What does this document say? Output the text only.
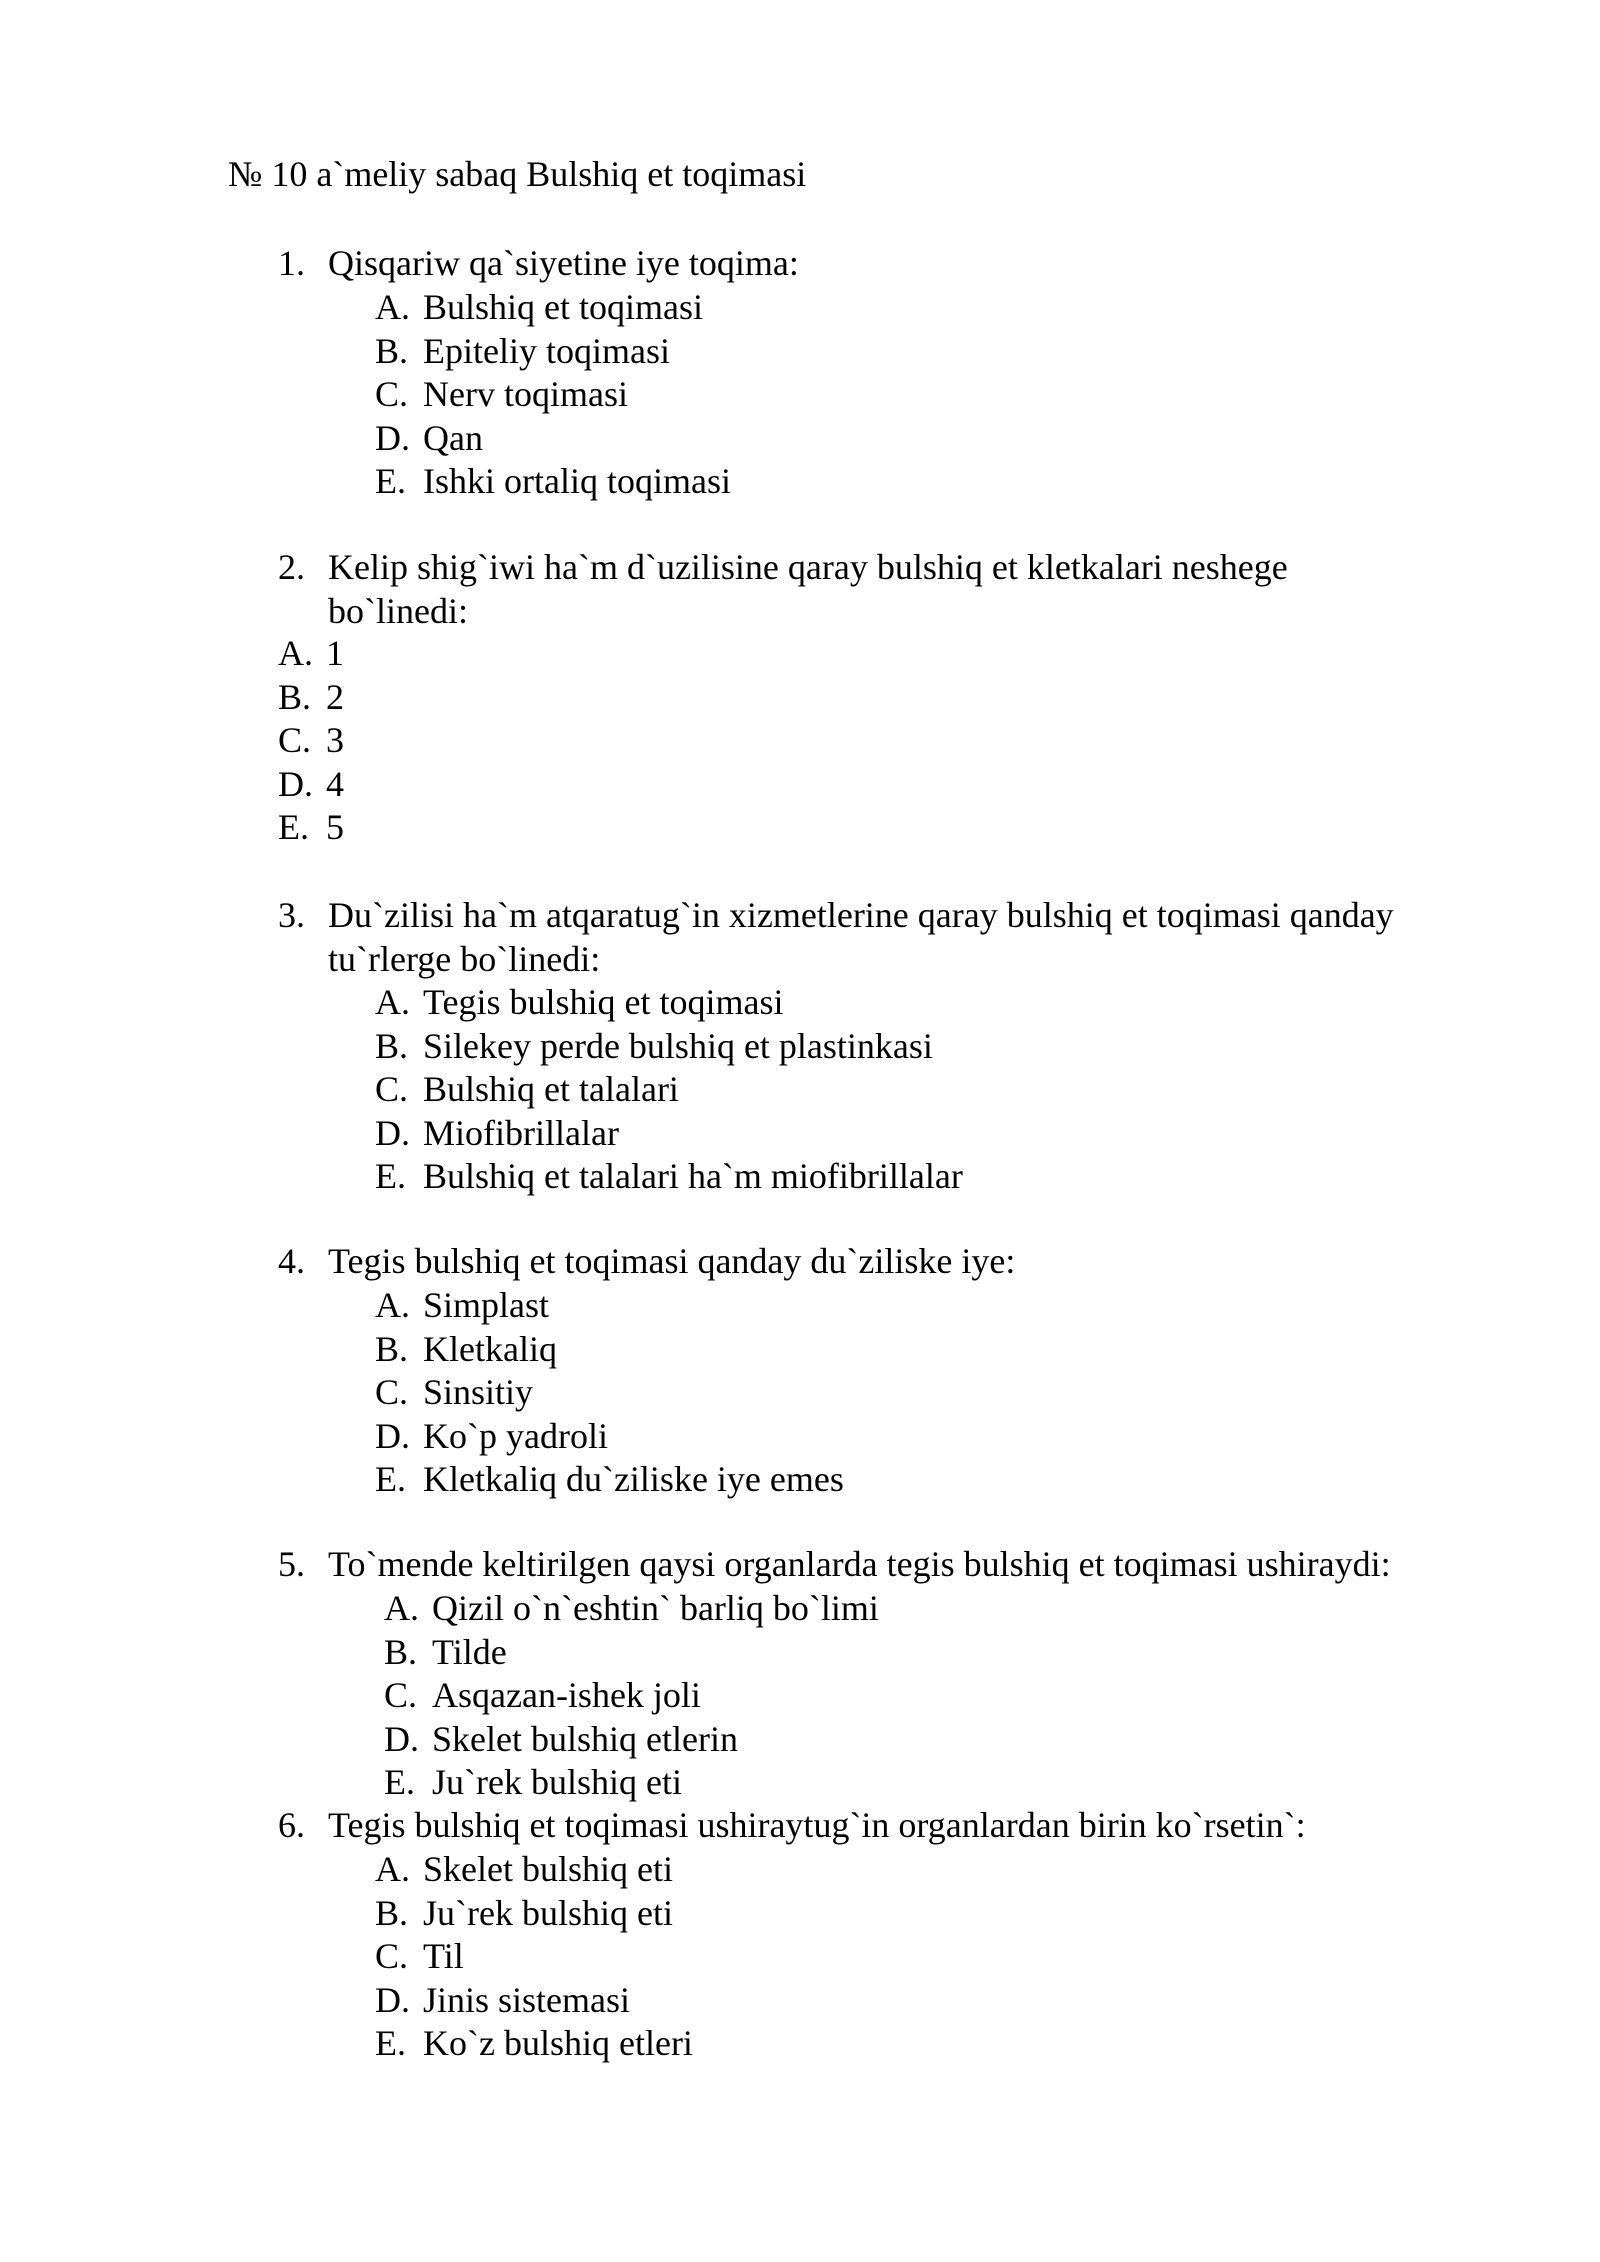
№ 10 a`meliy sabaq Bulshiq et toqimasi
1. Qisqariw qa`siyetine iye toqima:
A. Bulshiq et toqimasi
B. Epiteliy toqimasi
C. Nerv toqimasi
D. Qan
E. Ishki ortaliq toqimasi
2. Kelip shig`iwi ha`m d`uzilisine qaray bulshiq et kletkalari neshege bo`linedi:
A. 1
B. 2
C. 3
D. 4
E. 5
3. Du`zilisi ha`m atqaratug`in xizmetlerine qaray bulshiq et toqimasi qanday tu`rlerge bo`linedi:
A. Tegis bulshiq et toqimasi
B. Silekey perde bulshiq et plastinkasi
C. Bulshiq et talalari
D. Miofibrillalar
E. Bulshiq et talalari ha`m miofibrillalar
4. Tegis bulshiq et toqimasi qanday du`ziliske iye:
A. Simplast
B. Kletkaliq
C. Sinsitiy
D. Ko`p yadroli
E. Kletkaliq du`ziliske iye emes
5. To`mende keltirilgen qaysi organlarda tegis bulshiq et toqimasi ushiraydi:
A. Qizil o`n`eshtin` barliq bo`limi
B. Tilde
C. Asqazan-ishek joli
D. Skelet bulshiq etlerin
E. Ju`rek bulshiq eti
6. Tegis bulshiq et toqimasi ushiraytug`in organlardan birin ko`rsetin`:
A. Skelet bulshiq eti
B. Ju`rek bulshiq eti
C. Til
D. Jinis sistemasi
E. Ko`z bulshiq etleri
